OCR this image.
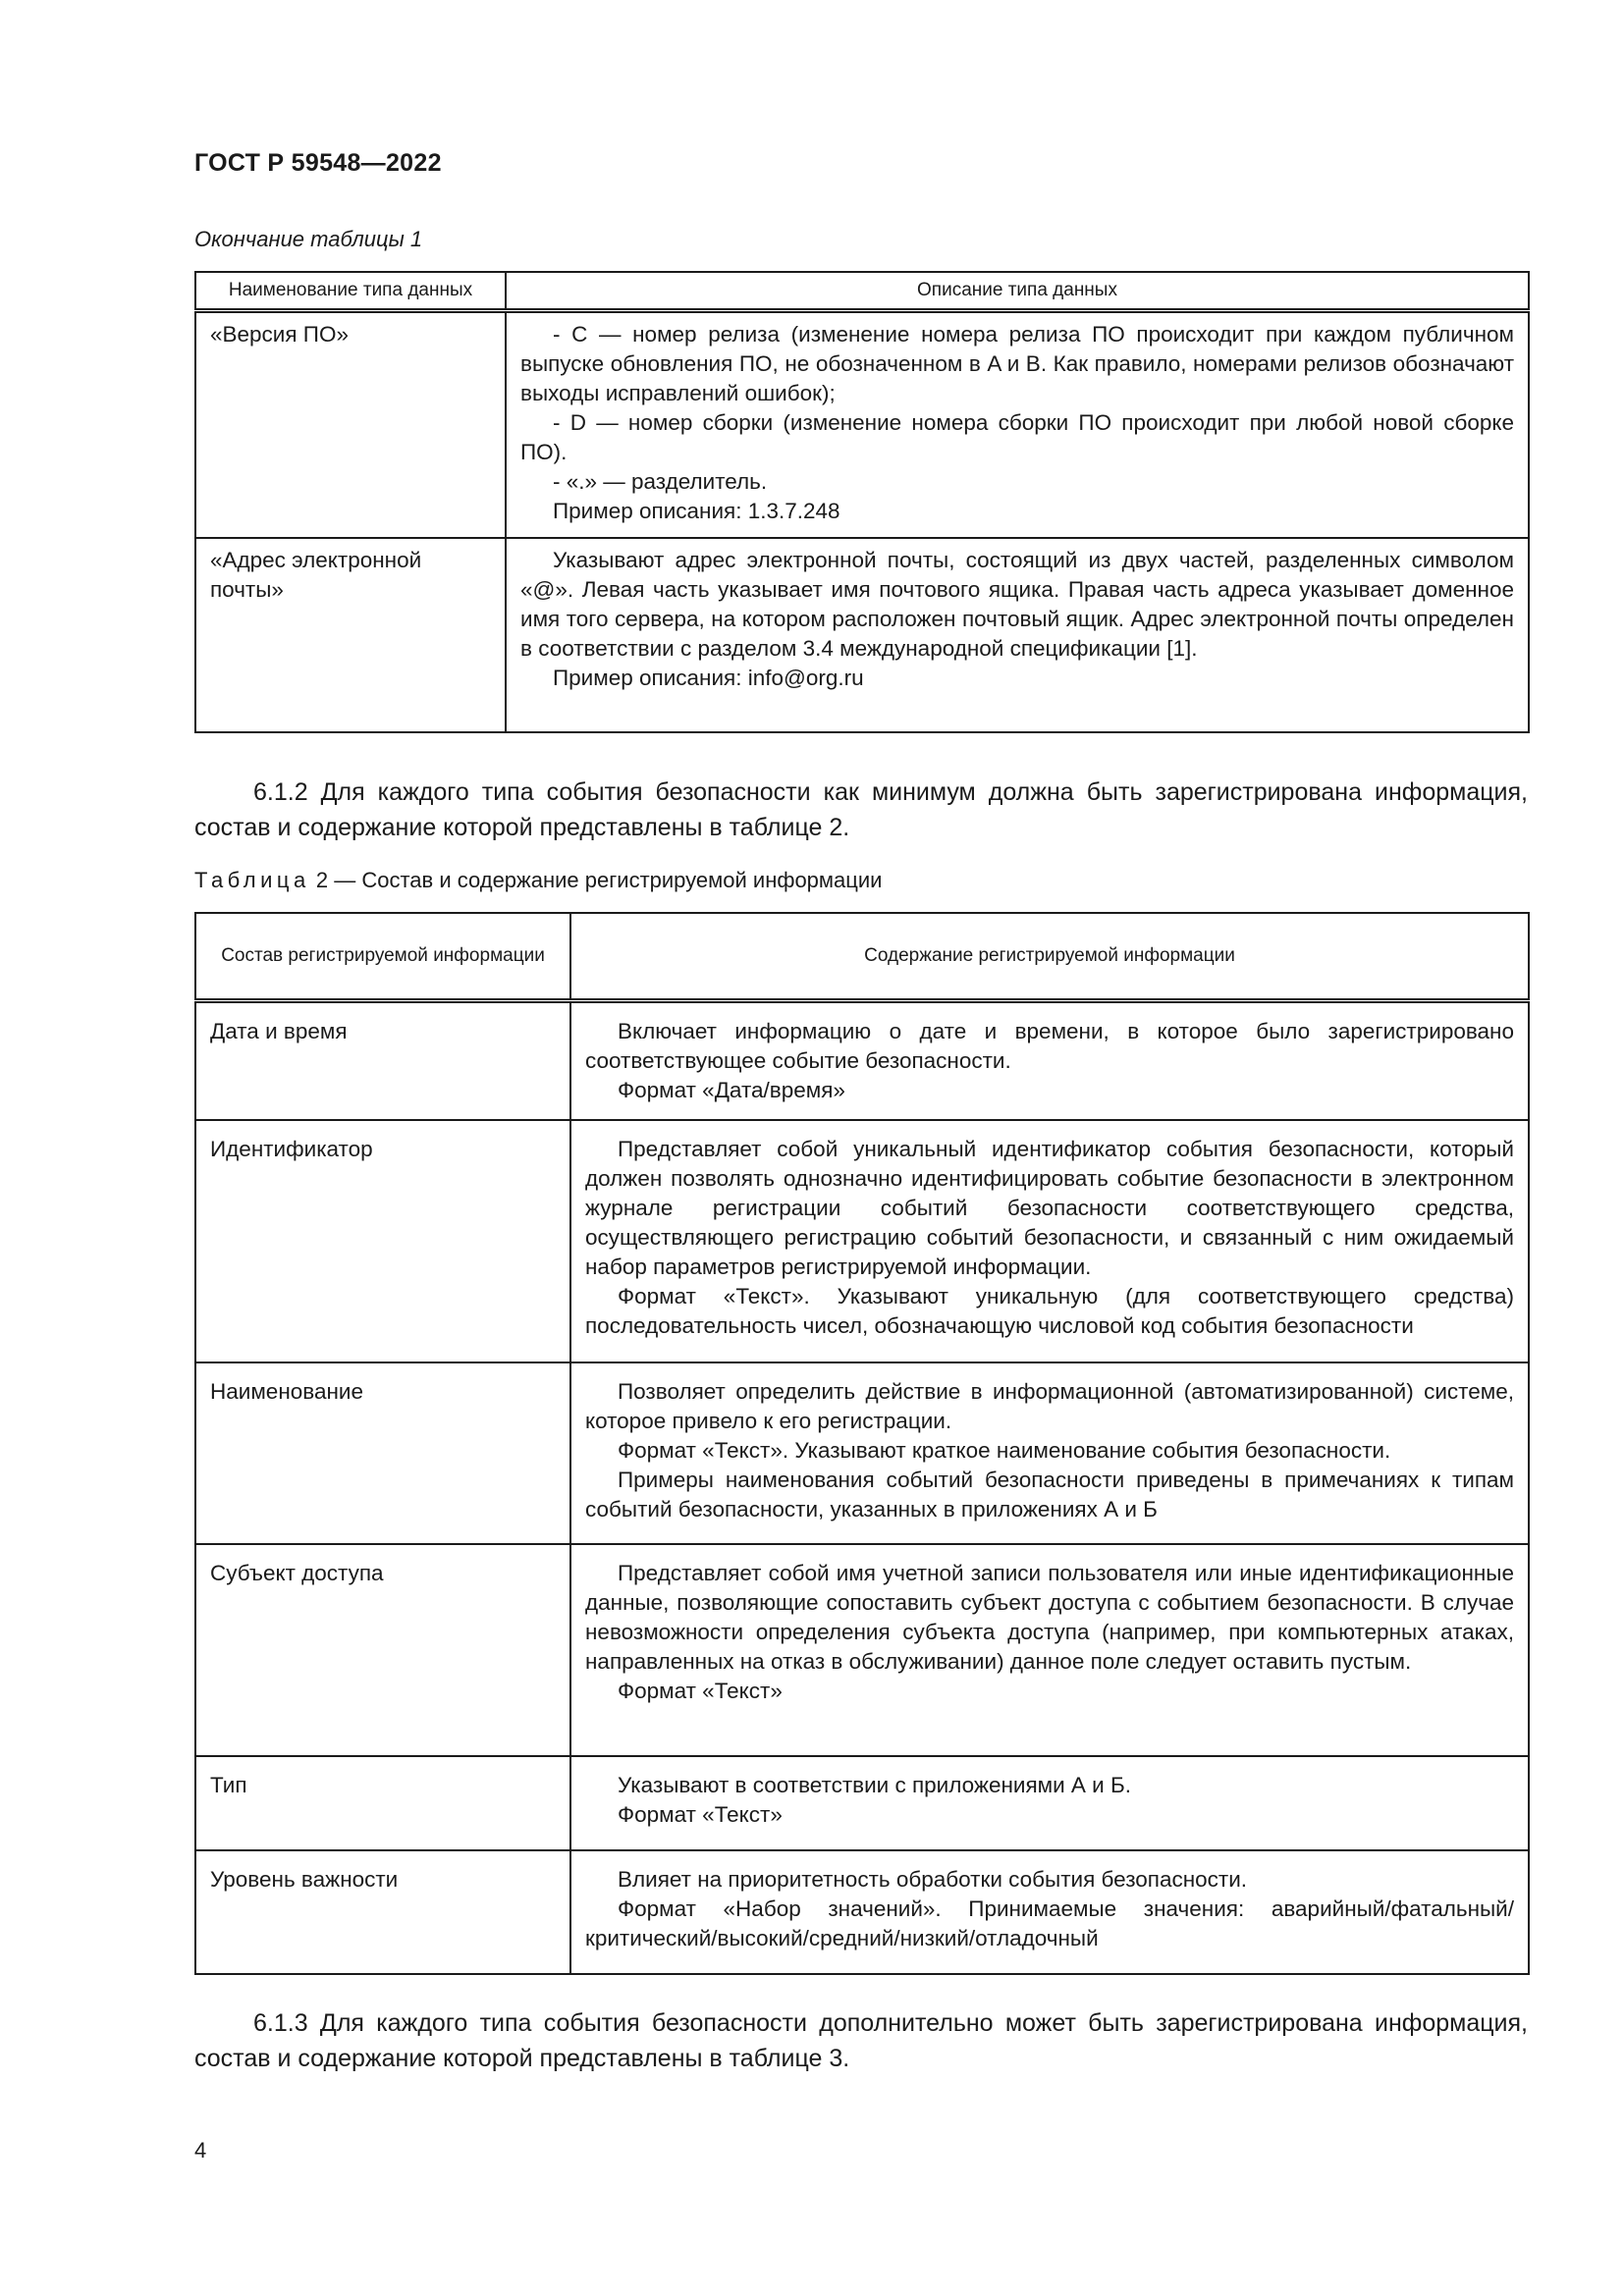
ГОСТ Р 59548—2022
Окончание таблицы 1
Наименование типа данных	Описание типа данных
«Версия ПО»	- C — номер релиза (изменение номера релиза ПО происходит при каждом публичном выпуске обновления ПО, не обозначенном в A и B. Как правило, номерами релизов обозначают выходы исправлений ошибок);

- D — номер сборки (изменение номера сборки ПО происходит при любой новой сборке ПО).

- «.» — разделитель.

Пример описания: 1.3.7.248

«Адрес электронной почты»	Указывают адрес электронной почты, состоящий из двух частей, разделенных символом «@». Левая часть указывает имя почтового ящика. Правая часть адреса указывает доменное имя того сервера, на котором расположен почтовый ящик. Адрес электронной почты определен в соответствии с разделом 3.4 международной спецификации [1].

Пример описания: info@org.ru

6.1.2 Для каждого типа события безопасности как минимум должна быть зарегистрирована информация, состав и содержание которой представлены в таблице 2.

Таблица 2 — Состав и содержание регистрируемой информации
Состав регистрируемой информации	Содержание регистрируемой информации
Дата и время	Включает информацию о дате и времени, в которое было зарегистрировано соответствующее событие безопасности.

Формат «Дата/время»

Идентификатор	Представляет собой уникальный идентификатор события безопасности, который должен позволять однозначно идентифицировать событие безопасности в электронном журнале регистрации событий безопасности соответствующего средства, осуществляющего регистрацию событий безопасности, и связанный с ним ожидаемый набор параметров регистрируемой информации.

Формат «Текст». Указывают уникальную (для соответствующего средства) последовательность чисел, обозначающую числовой код события безопасности

Наименование	Позволяет определить действие в информационной (автоматизированной) системе, которое привело к его регистрации.

Формат «Текст». Указывают краткое наименование события безопасности.

Примеры наименования событий безопасности приведены в примечаниях к типам событий безопасности, указанных в приложениях А и Б

Субъект доступа	Представляет собой имя учетной записи пользователя или иные идентификационные данные, позволяющие сопоставить субъект доступа с событием безопасности. В случае невозможности определения субъекта доступа (например, при компьютерных атаках, направленных на отказ в обслуживании) данное поле следует оставить пустым.

Формат «Текст»

Тип	Указывают в соответствии с приложениями А и Б.

Формат «Текст»

Уровень важности	Влияет на приоритетность обработки события безопасности.

Формат «Набор значений». Принимаемые значения: аварийный/фатальный/критический/высокий/средний/низкий/отладочный

6.1.3 Для каждого типа события безопасности дополнительно может быть зарегистрирована информация, состав и содержание которой представлены в таблице 3.

4
